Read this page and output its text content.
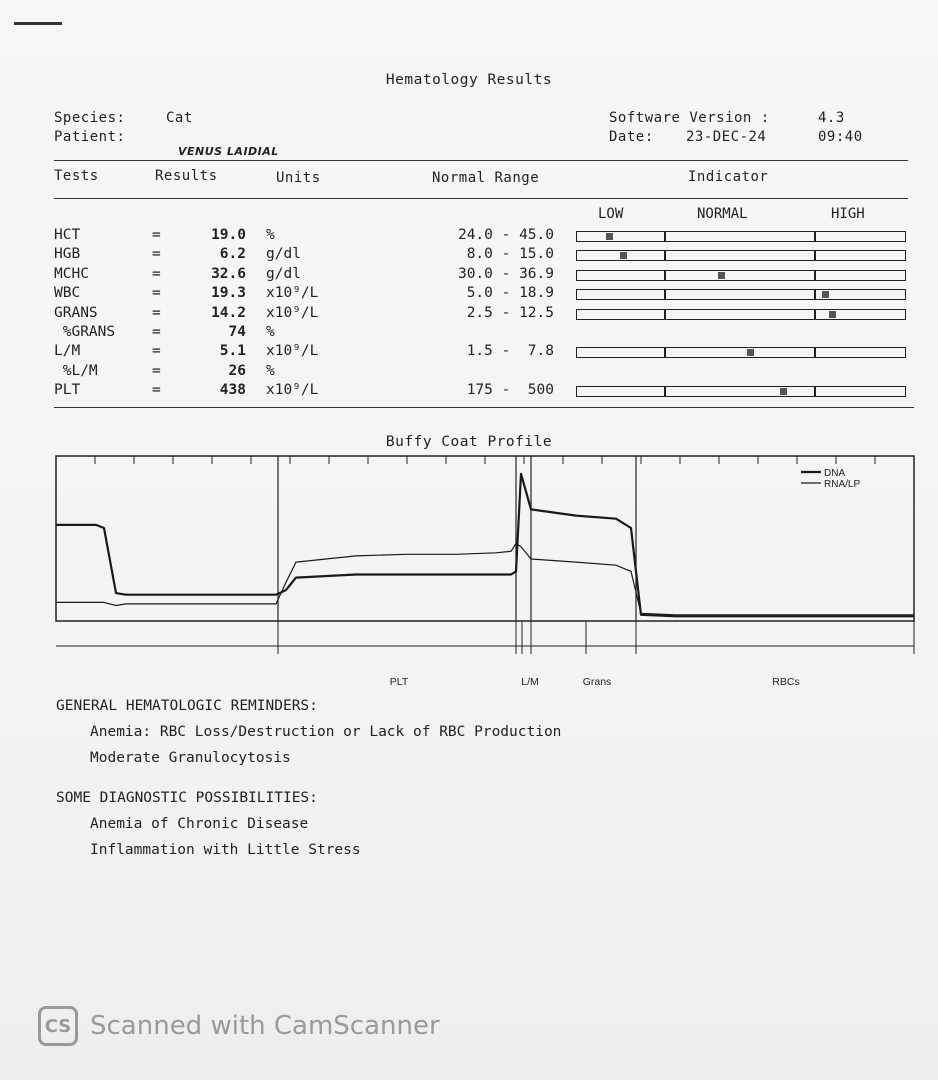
Hematology Results
Species:	Cat
Patient:
VENUS LAIDIAL
Software Version :	4.3
Date: 23-DEC-24	09:40
Tests	Results	Units	Normal Range	Indicator
LOW	NORMAL	HIGH
HCT	=	19.0 %	24.0 - 45.0
HGB	=	6.2 g/dl	8.0 - 15.0
MCHC	=	32.6 g/dl	30.0 - 36.9
WBC	=	19.3 x10⁹/L	5.0 - 18.9
GRANS	=	14.2 x10⁹/L	2.5 - 12.5
%GRANS	=	74 %
L/M	=	5.1 x10⁹/L	1.5 -  7.8
%L/M	=	26 %
PLT	=	438 x10⁹/L	175 -  500
Buffy Coat Profile
DNA
RNA/LP
PLT	L/M	Grans	RBCs
GENERAL HEMATOLOGIC REMINDERS:
Anemia: RBC Loss/Destruction or Lack of RBC Production
Moderate Granulocytosis
SOME DIAGNOSTIC POSSIBILITIES:
Anemia of Chronic Disease
Inflammation with Little Stress
CS Scanned with CamScanner
